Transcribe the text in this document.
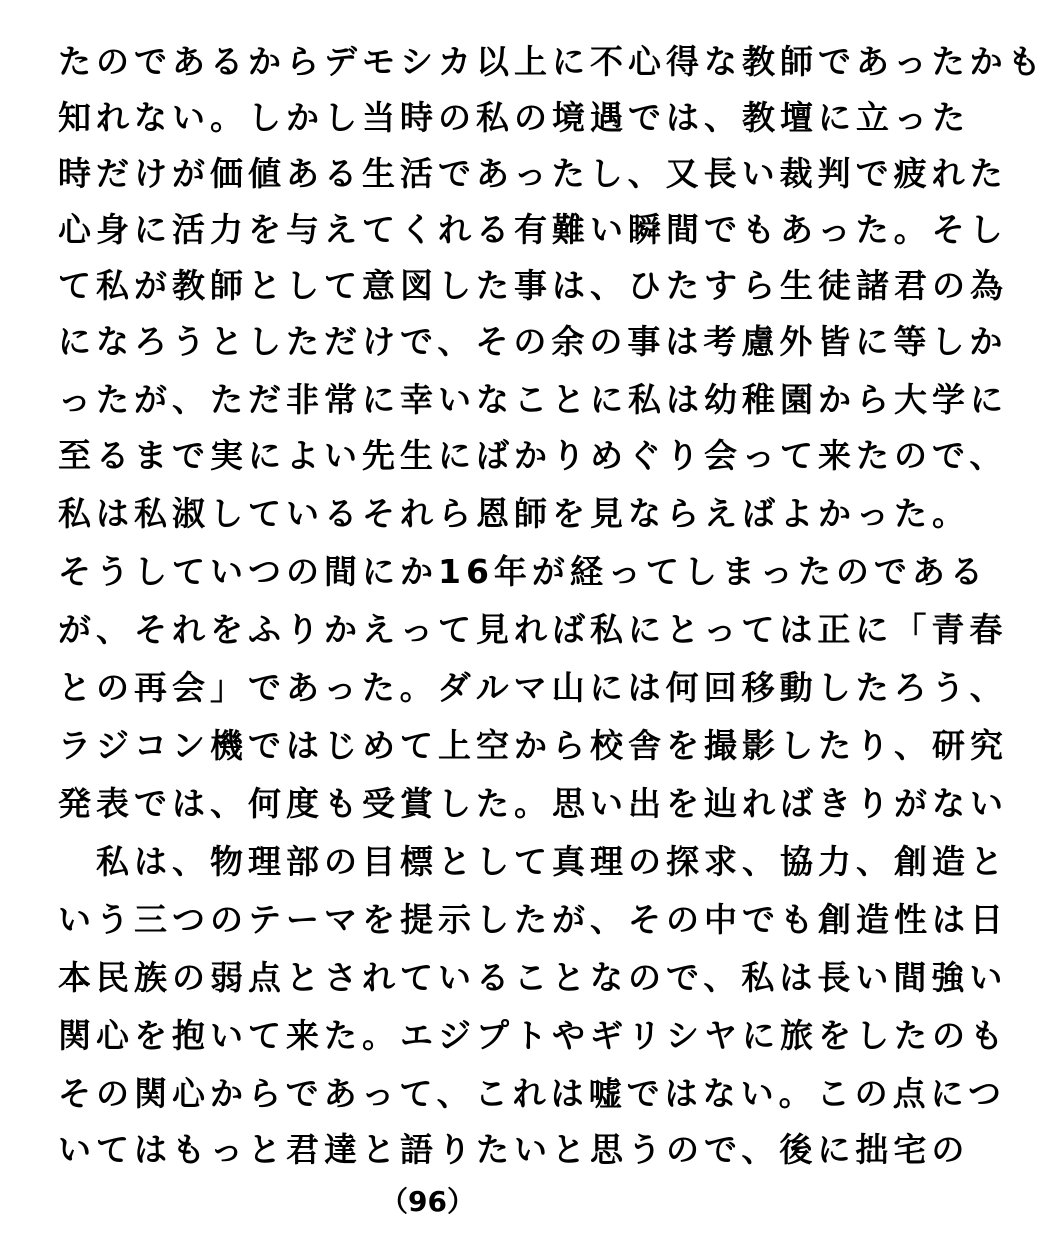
たのであるからデモシカ以上に不心得な教師であったかも
知れない。しかし当時の私の境遇では、教壇に立った
時だけが価値ある生活であったし、又長い裁判で疲れた
心身に活力を与えてくれる有難い瞬間でもあった。そし
て私が教師として意図した事は、ひたすら生徒諸君の為
になろうとしただけで、その余の事は考慮外皆に等しか
ったが、ただ非常に幸いなことに私は幼稚園から大学に
至るまで実によい先生にばかりめぐり会って来たので、
私は私淑しているそれら恩師を見ならえばよかった。
そうしていつの間にか16年が経ってしまったのである
が、それをふりかえって見れば私にとっては正に「青春
との再会」であった。ダルマ山には何回移動したろう、
ラジコン機ではじめて上空から校舎を撮影したり、研究
発表では、何度も受賞した。思い出を辿ればきりがない
　私は、物理部の目標として真理の探求、協力、創造と
いう三つのテーマを提示したが、その中でも創造性は日
本民族の弱点とされていることなので、私は長い間強い
関心を抱いて来た。エジプトやギリシヤに旅をしたのも
その関心からであって、これは嘘ではない。この点につ
いてはもっと君達と語りたいと思うので、後に拙宅の
（96）
